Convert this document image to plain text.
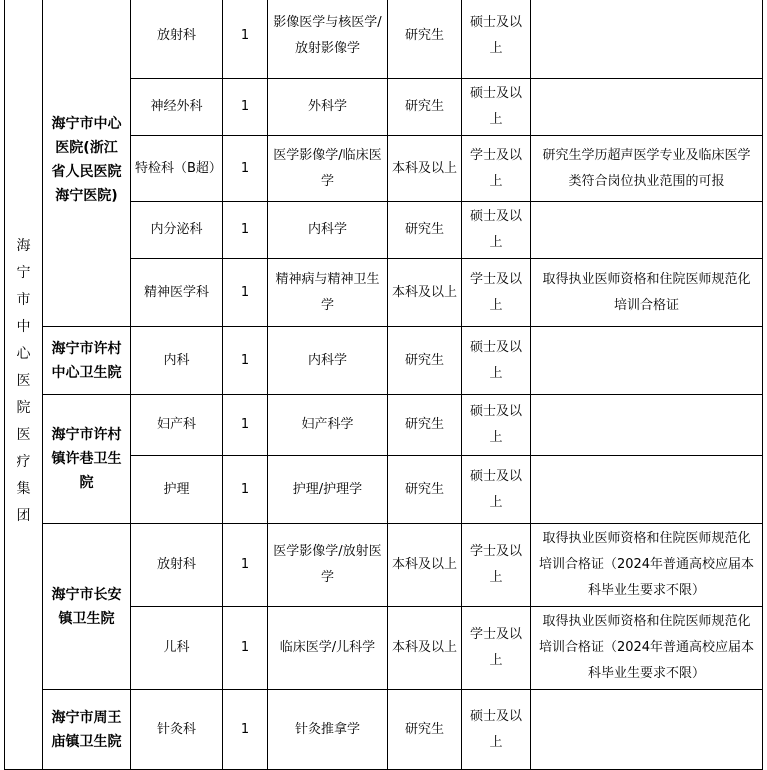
海宁市中心医院医疗集团	海宁市中心医院(浙江省人民医院海宁医院)	放射科	1	影像医学与核医学/放射影像学	研究生	硕士及以上	
		神经外科	1	外科学	研究生	硕士及以上	
		特检科（B超）	1	医学影像学/临床医学	本科及以上	学士及以上	研究生学历超声医学专业及临床医学类符合岗位执业范围的可报
		内分泌科	1	内科学	研究生	硕士及以上	
		精神医学科	1	精神病与精神卫生学	本科及以上	学士及以上	取得执业医师资格和住院医师规范化培训合格证
	海宁市许村中心卫生院	内科	1	内科学	研究生	硕士及以上	
	海宁市许村镇许巷卫生院	妇产科	1	妇产科学	研究生	硕士及以上	
		护理	1	护理/护理学	研究生	硕士及以上	
	海宁市长安镇卫生院	放射科	1	医学影像学/放射医学	本科及以上	学士及以上	取得执业医师资格和住院医师规范化培训合格证（2024年普通高校应届本科毕业生要求不限）
		儿科	1	临床医学/儿科学	本科及以上	学士及以上	取得执业医师资格和住院医师规范化培训合格证（2024年普通高校应届本科毕业生要求不限）
	海宁市周王庙镇卫生院	针灸科	1	针灸推拿学	研究生	硕士及以上	
